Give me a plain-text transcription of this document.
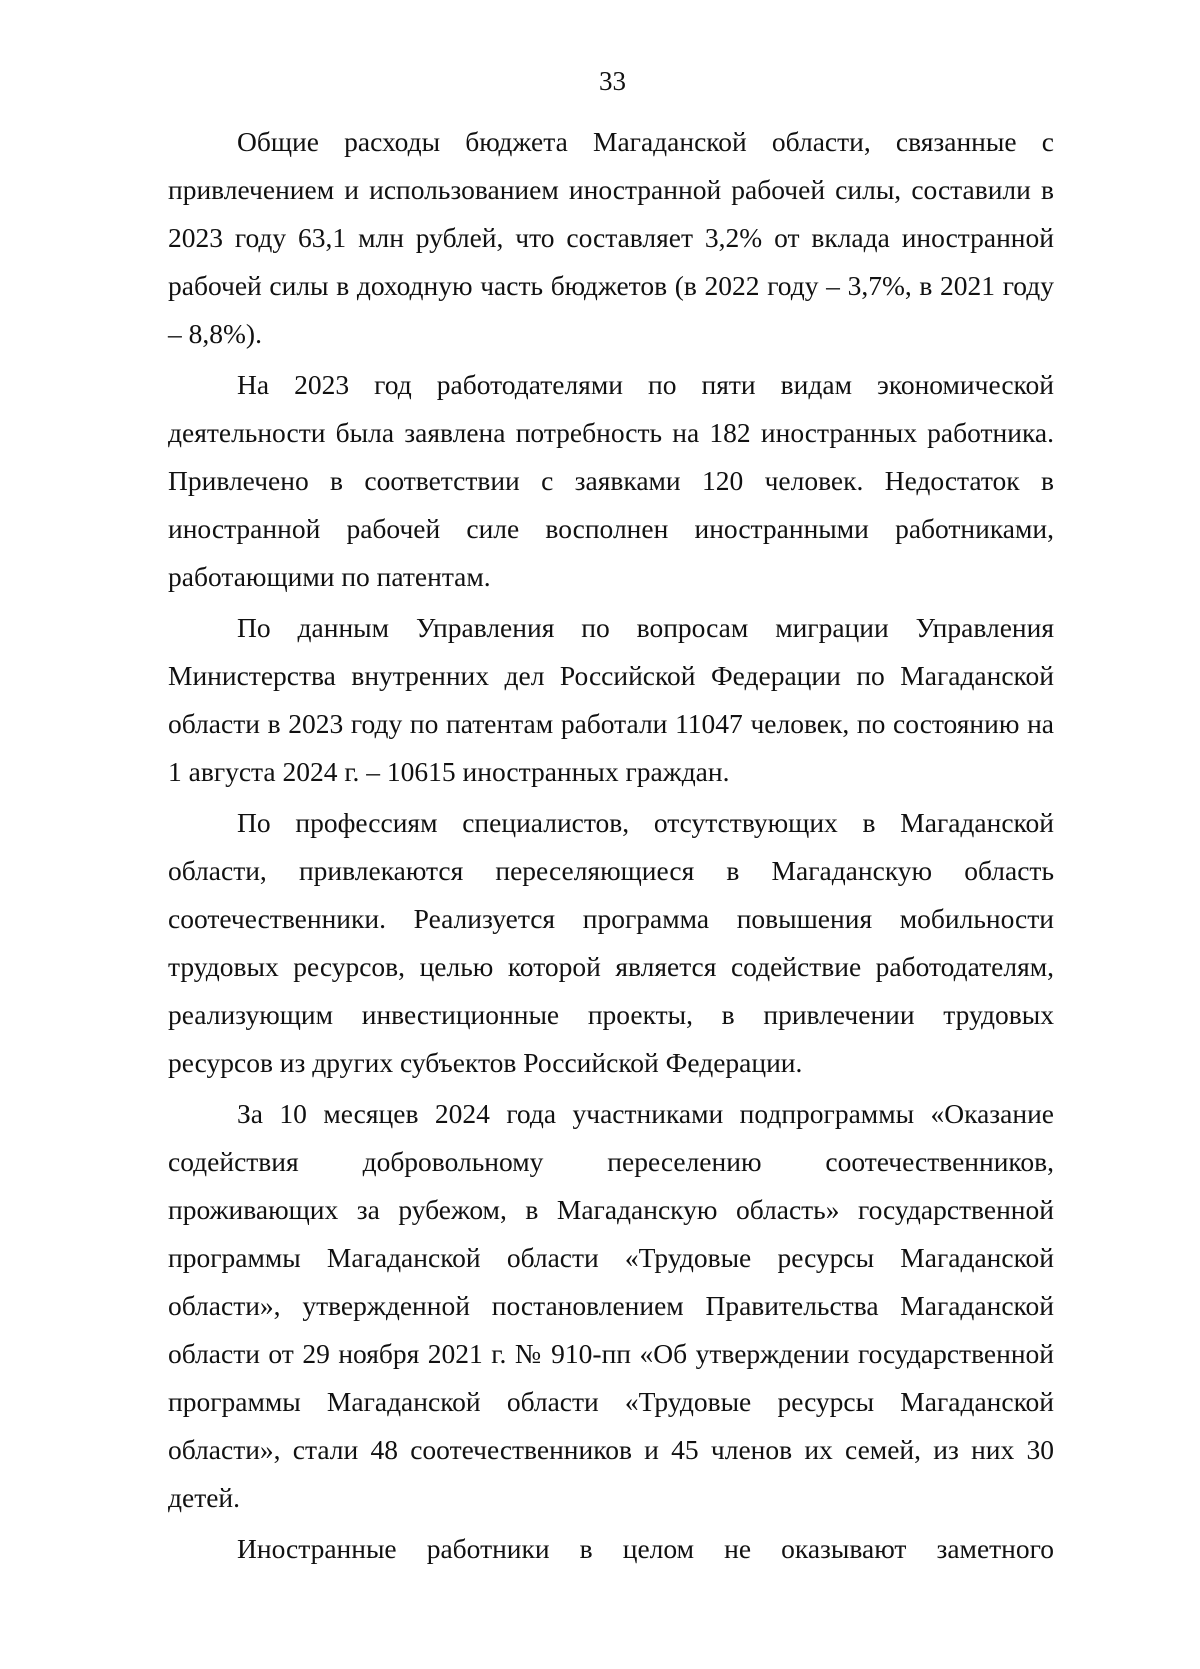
33

Общие расходы бюджета Магаданской области, связанные с привлечением и использованием иностранной рабочей силы, составили в 2023 году 63,1 млн рублей, что составляет 3,2% от вклада иностранной рабочей силы в доходную часть бюджетов (в 2022 году – 3,7%, в 2021 году – 8,8%).

На 2023 год работодателями по пяти видам экономической деятельности была заявлена потребность на 182 иностранных работника. Привлечено в соответствии с заявками 120 человек. Недостаток в иностранной рабочей силе восполнен иностранными работниками, работающими по патентам.

По данным Управления по вопросам миграции Управления Министерства внутренних дел Российской Федерации по Магаданской области в 2023 году по патентам работали 11047 человек, по состоянию на 1 августа 2024 г. – 10615 иностранных граждан.

По профессиям специалистов, отсутствующих в Магаданской области, привлекаются переселяющиеся в Магаданскую область соотечественники. Реализуется программа повышения мобильности трудовых ресурсов, целью которой является содействие работодателям, реализующим инвестиционные проекты, в привлечении трудовых ресурсов из других субъектов Российской Федерации.

За 10 месяцев 2024 года участниками подпрограммы «Оказание содействия добровольному переселению соотечественников, проживающих за рубежом, в Магаданскую область» государственной программы Магаданской области «Трудовые ресурсы Магаданской области», утвержденной постановлением Правительства Магаданской области от 29 ноября 2021 г. № 910-пп «Об утверждении государственной программы Магаданской области «Трудовые ресурсы Магаданской области», стали 48 соотечественников и 45 членов их семей, из них 30 детей.

Иностранные работники в целом не оказывают заметного
